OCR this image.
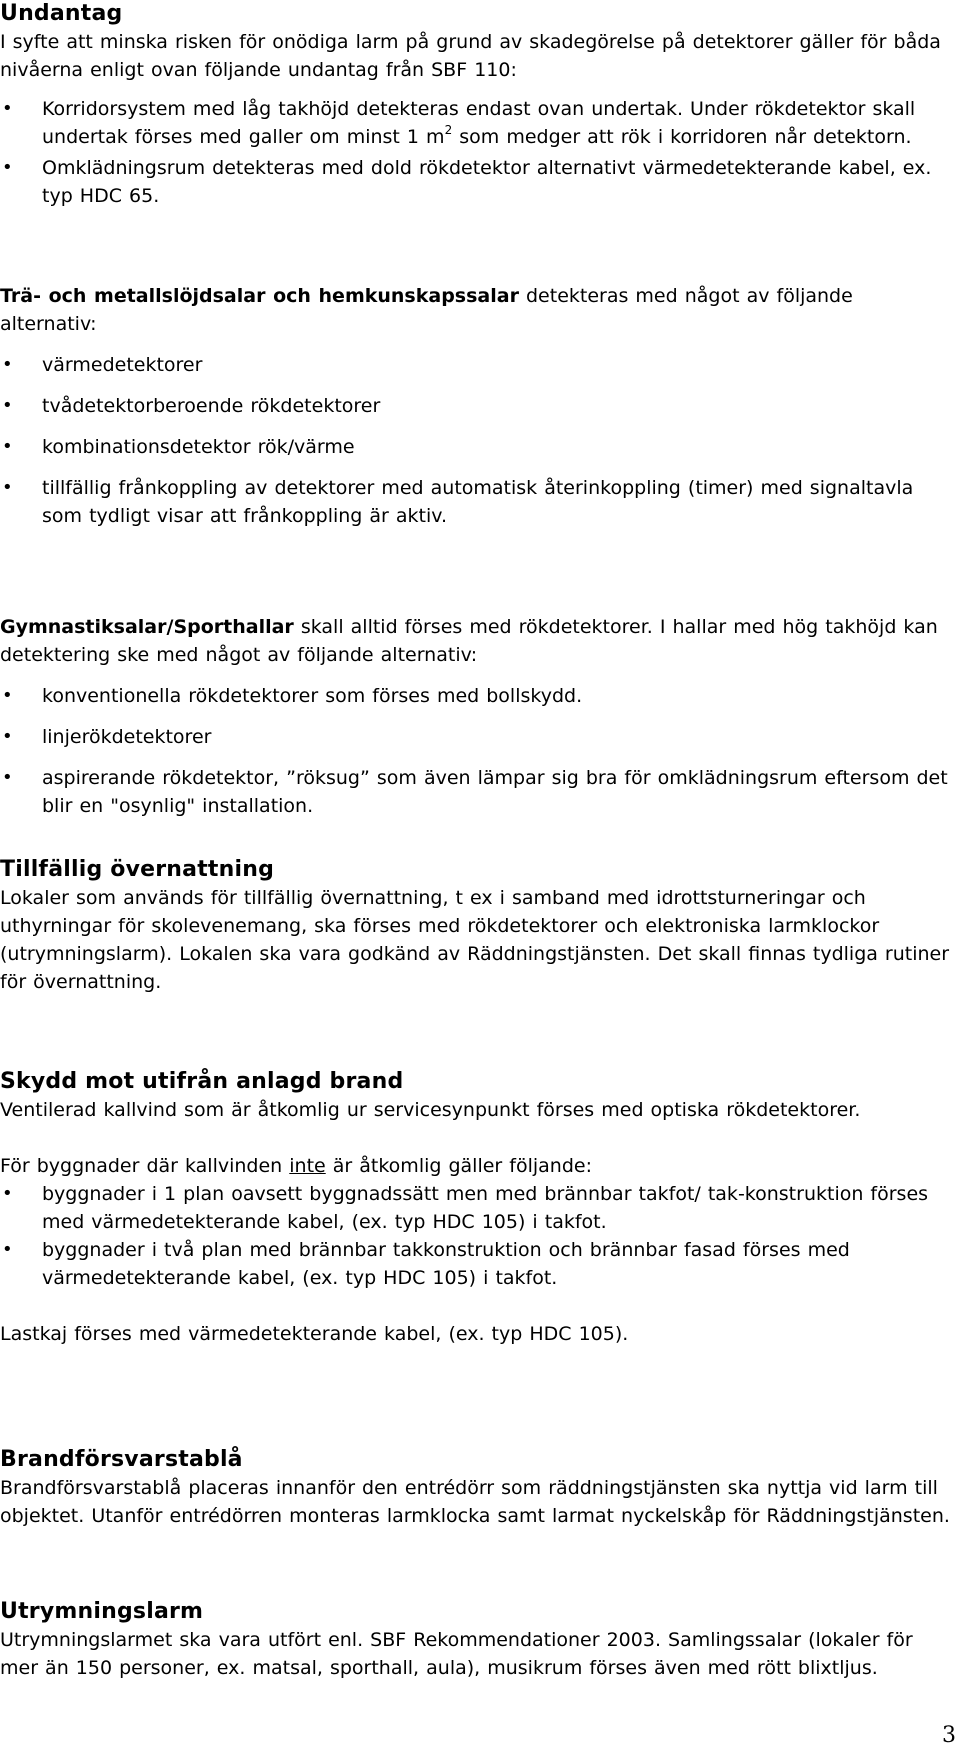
Undantag
I syfte att minska risken för onödiga larm på grund av skadegörelse på detektorer gäller för båda nivåerna enligt ovan följande undantag från SBF 110:
• Korridorsystem med låg takhöjd detekteras endast ovan undertak. Under rökdetektor skall undertak förses med galler om minst 1 $m^2$ som medger att rök i korridoren når detektorn.
• Omklädningsrum detekteras med dold rökdetektor alternativt värmedetekterande kabel, ex. typ HDC 65.
Trä- och metallslöjdsalar och hemkunskapssalar detekteras med något av följande alternativ:
• värmedetektorer
• tvådetektorberoende rökdetektorer
• kombinationsdetektor rök/värme
• tillfällig frånkoppling av detektorer med automatisk återinkoppling (timer) med signaltavla som tydligt visar att frånkoppling är aktiv.
Gymnastiksalar/Sporthallar skall alltid förses med rökdetektorer. I hallar med hög takhöjd kan detektering ske med något av följande alternativ:
• konventionella rökdetektorer som förses med bollskydd.
• linjerökdetektorer
• aspirerande rökdetektor, ”röksug” som även lämpar sig bra för omklädningsrum eftersom det blir en "osynlig" installation.
Tillfällig övernattning
Lokaler som används för tillfällig övernattning, t ex i samband med idrottsturneringar och uthyrningar för skolevenemang, ska förses med rökdetektorer och elektroniska larmklockor (utrymningslarm). Lokalen ska vara godkänd av Räddningstjänsten. Det skall finnas tydliga rutiner för övernattning.
Skydd mot utifrån anlagd brand
Ventilerad kallvind som är åtkomlig ur servicesynpunkt förses med optiska rökdetektorer.
För byggnader där kallvinden inte är åtkomlig gäller följande:
• byggnader i 1 plan oavsett byggnadssätt men med brännbar takfot/ tak-konstruktion förses med värmedetekterande kabel, (ex. typ HDC 105) i takfot.
• byggnader i två plan med brännbar takkonstruktion och brännbar fasad förses med värmedetekterande kabel, (ex. typ HDC 105) i takfot.
Lastkaj förses med värmedetekterande kabel, (ex. typ HDC 105).
Brandförsvarstablå
Brandförsvarstablå placeras innanför den entrédörr som räddningstjänsten ska nyttja vid larm till objektet. Utanför entrédörren monteras larmklocka samt larmat nyckelskåp för Räddningstjänsten.
Utrymningslarm
Utrymningslarmet ska vara utfört enl. SBF Rekommendationer 2003. Samlingssalar (lokaler för mer än 150 personer, ex. matsal, sporthall, aula), musikrum förses även med rött blixtljus.
3
